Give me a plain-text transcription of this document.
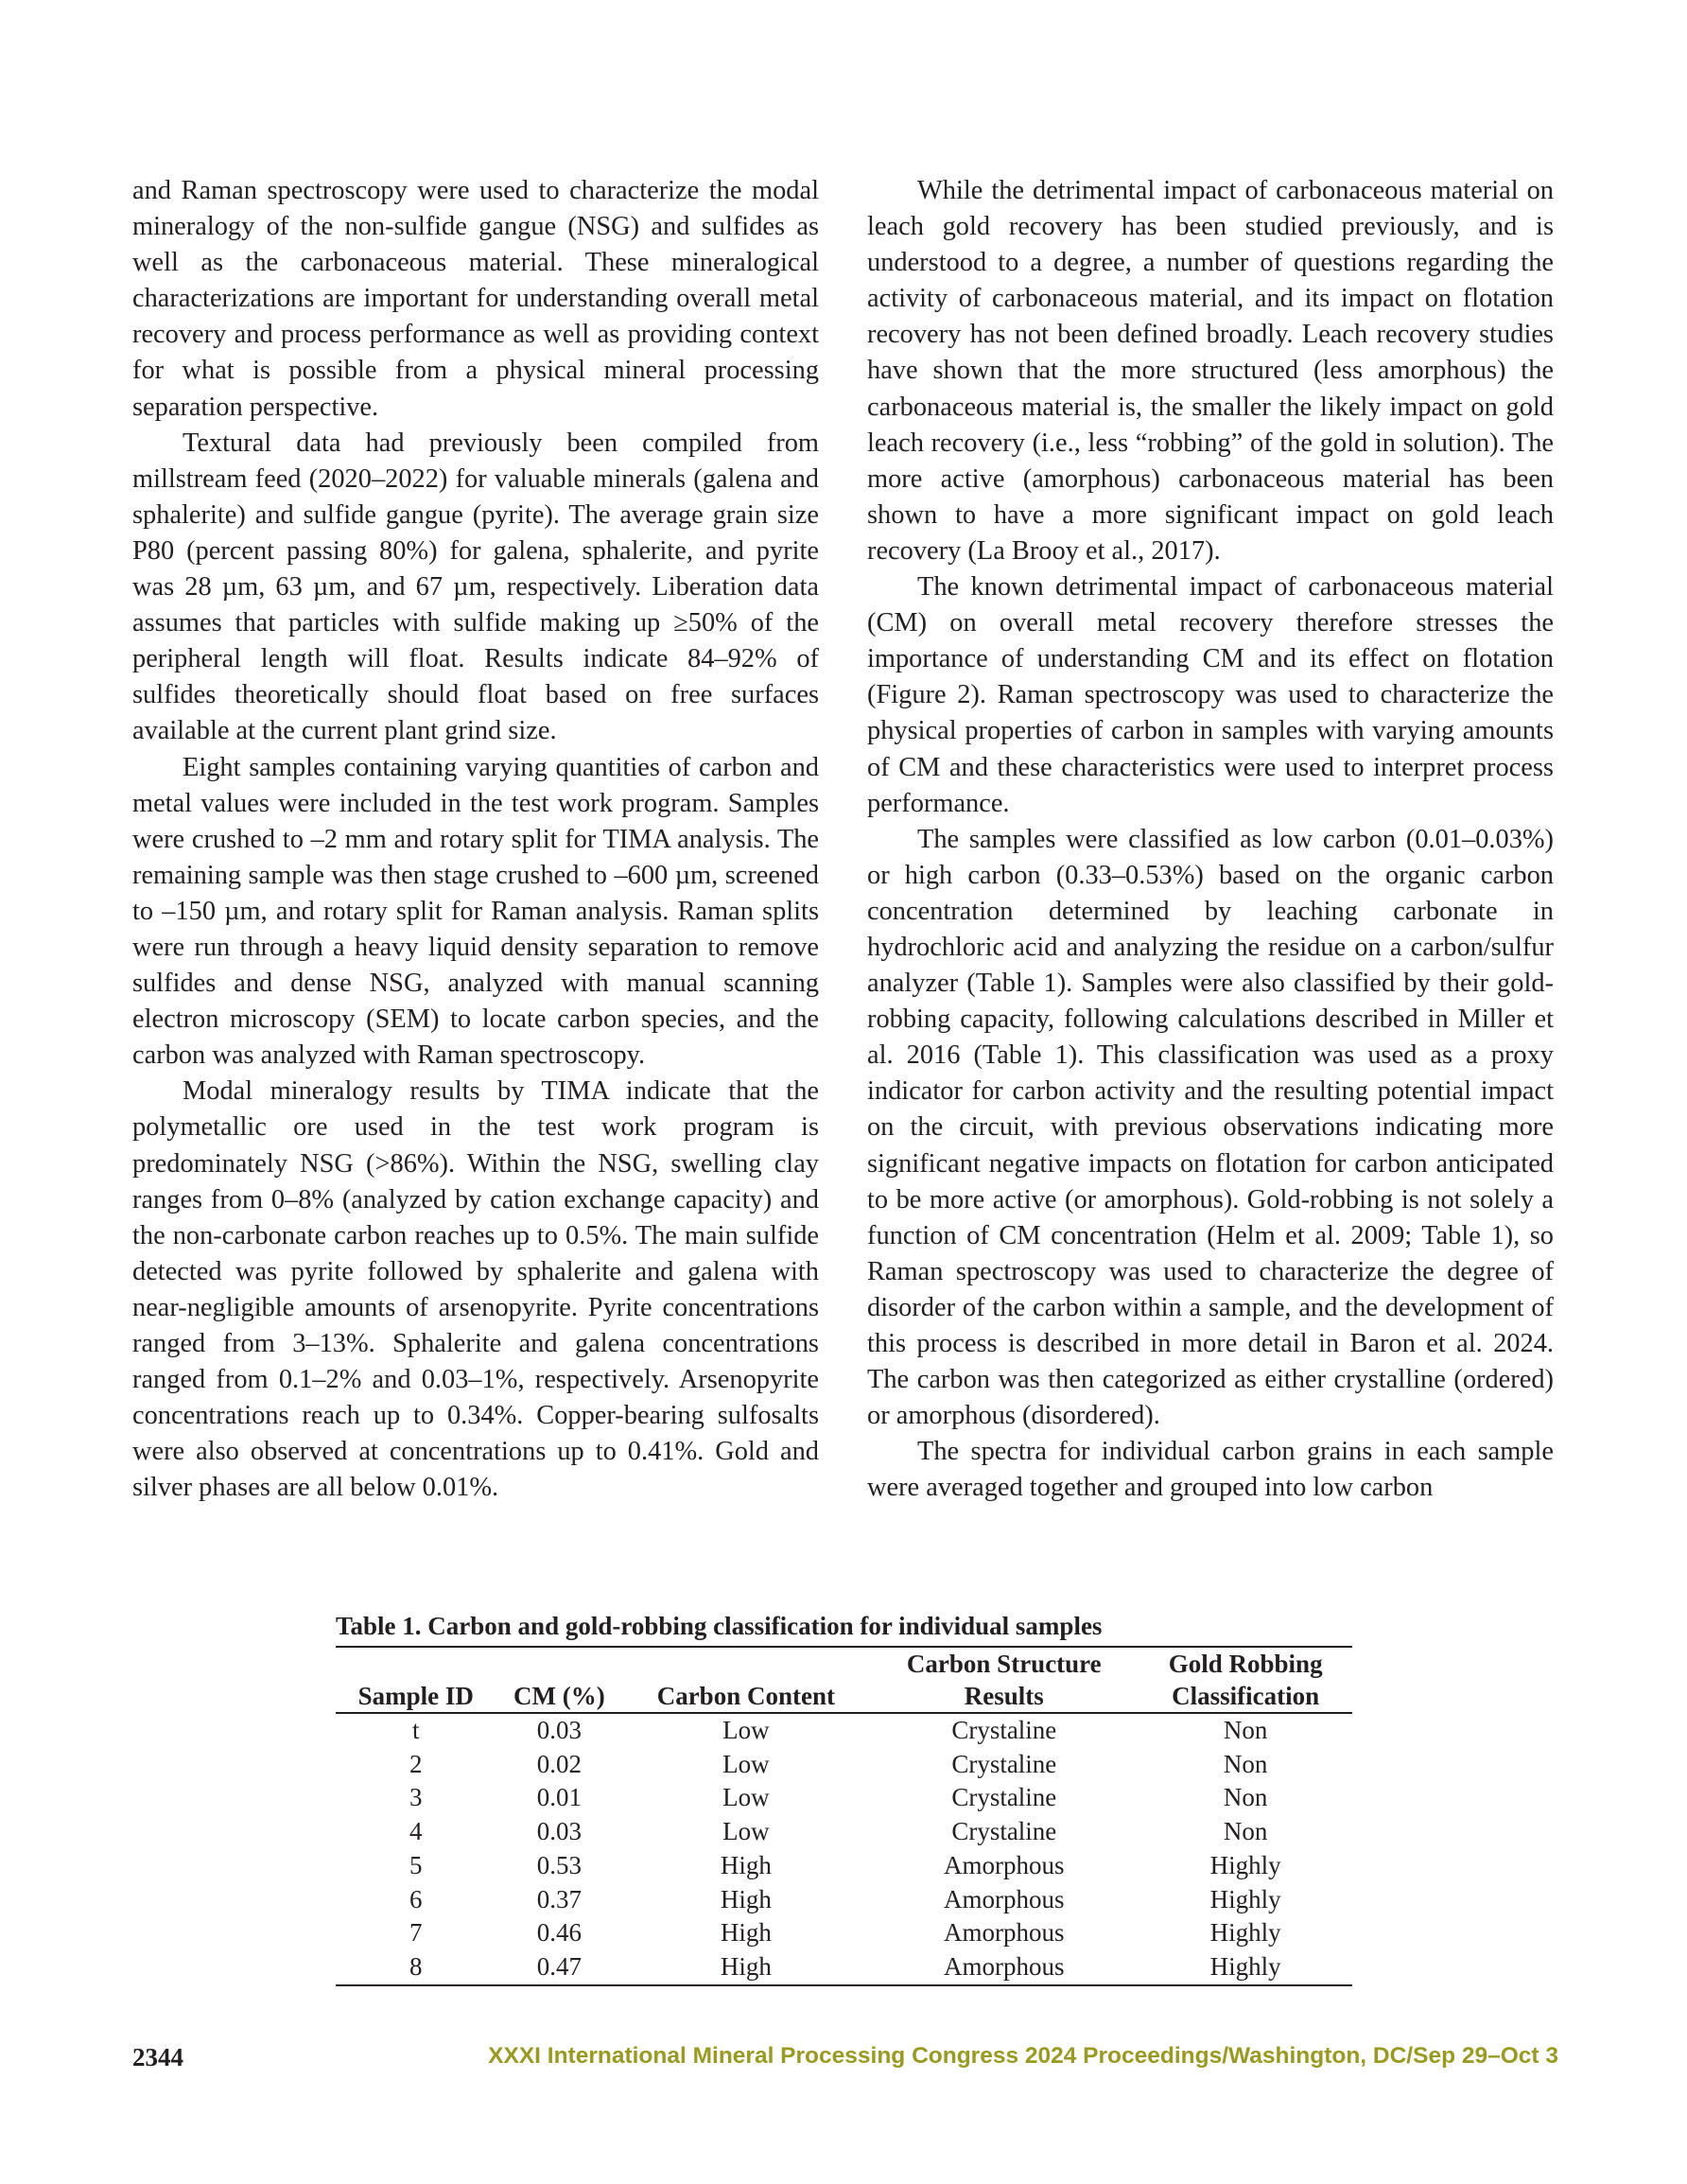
and Raman spectroscopy were used to characterize the modal mineralogy of the non-sulfide gangue (NSG) and sulfides as well as the carbonaceous material. These mineralogical characterizations are important for understanding overall metal recovery and process performance as well as providing context for what is possible from a physical mineral processing separation perspective.

Textural data had previously been compiled from millstream feed (2020–2022) for valuable minerals (galena and sphalerite) and sulfide gangue (pyrite). The average grain size P80 (percent passing 80%) for galena, sphalerite, and pyrite was 28 µm, 63 µm, and 67 µm, respectively. Liberation data assumes that particles with sulfide making up ≥50% of the peripheral length will float. Results indicate 84–92% of sulfides theoretically should float based on free surfaces available at the current plant grind size.

Eight samples containing varying quantities of carbon and metal values were included in the test work program. Samples were crushed to –2 mm and rotary split for TIMA analysis. The remaining sample was then stage crushed to –600 µm, screened to –150 µm, and rotary split for Raman analysis. Raman splits were run through a heavy liquid density separation to remove sulfides and dense NSG, analyzed with manual scanning electron microscopy (SEM) to locate carbon species, and the carbon was analyzed with Raman spectroscopy.

Modal mineralogy results by TIMA indicate that the polymetallic ore used in the test work program is predominately NSG (>86%). Within the NSG, swelling clay ranges from 0–8% (analyzed by cation exchange capacity) and the non-carbonate carbon reaches up to 0.5%. The main sulfide detected was pyrite followed by sphalerite and galena with near-negligible amounts of arsenopyrite. Pyrite concentrations ranged from 3–13%. Sphalerite and galena concentrations ranged from 0.1–2% and 0.03–1%, respectively. Arsenopyrite concentrations reach up to 0.34%. Copper-bearing sulfosalts were also observed at concentrations up to 0.41%. Gold and silver phases are all below 0.01%.

While the detrimental impact of carbonaceous material on leach gold recovery has been studied previously, and is understood to a degree, a number of questions regarding the activity of carbonaceous material, and its impact on flotation recovery has not been defined broadly. Leach recovery studies have shown that the more structured (less amorphous) the carbonaceous material is, the smaller the likely impact on gold leach recovery (i.e., less “robbing” of the gold in solution). The more active (amorphous) carbonaceous material has been shown to have a more significant impact on gold leach recovery (La Brooy et al., 2017).

The known detrimental impact of carbonaceous material (CM) on overall metal recovery therefore stresses the importance of understanding CM and its effect on flotation (Figure 2). Raman spectroscopy was used to characterize the physical properties of carbon in samples with varying amounts of CM and these characteristics were used to interpret process performance.

The samples were classified as low carbon (0.01–0.03%) or high carbon (0.33–0.53%) based on the organic carbon concentration determined by leaching carbonate in hydrochloric acid and analyzing the residue on a carbon/sulfur analyzer (Table 1). Samples were also classified by their gold-robbing capacity, following calculations described in Miller et al. 2016 (Table 1). This classification was used as a proxy indicator for carbon activity and the resulting potential impact on the circuit, with previous observations indicating more significant negative impacts on flotation for carbon anticipated to be more active (or amorphous). Gold-robbing is not solely a function of CM concentration (Helm et al. 2009; Table 1), so Raman spectroscopy was used to characterize the degree of disorder of the carbon within a sample, and the development of this process is described in more detail in Baron et al. 2024. The carbon was then categorized as either crystalline (ordered) or amorphous (disordered).

The spectra for individual carbon grains in each sample were averaged together and grouped into low carbon

Table 1. Carbon and gold-robbing classification for individual samples
			Carbon Structure	Gold Robbing
Sample ID	CM (%)	Carbon Content	Results	Classification
t	0.03	Low	Crystaline	Non
2	0.02	Low	Crystaline	Non
3	0.01	Low	Crystaline	Non
4	0.03	Low	Crystaline	Non
5	0.53	High	Amorphous	Highly
6	0.37	High	Amorphous	Highly
7	0.46	High	Amorphous	Highly
8	0.47	High	Amorphous	Highly
2344	XXXI International Mineral Processing Congress 2024 Proceedings/Washington, DC/Sep 29–Oct 3
